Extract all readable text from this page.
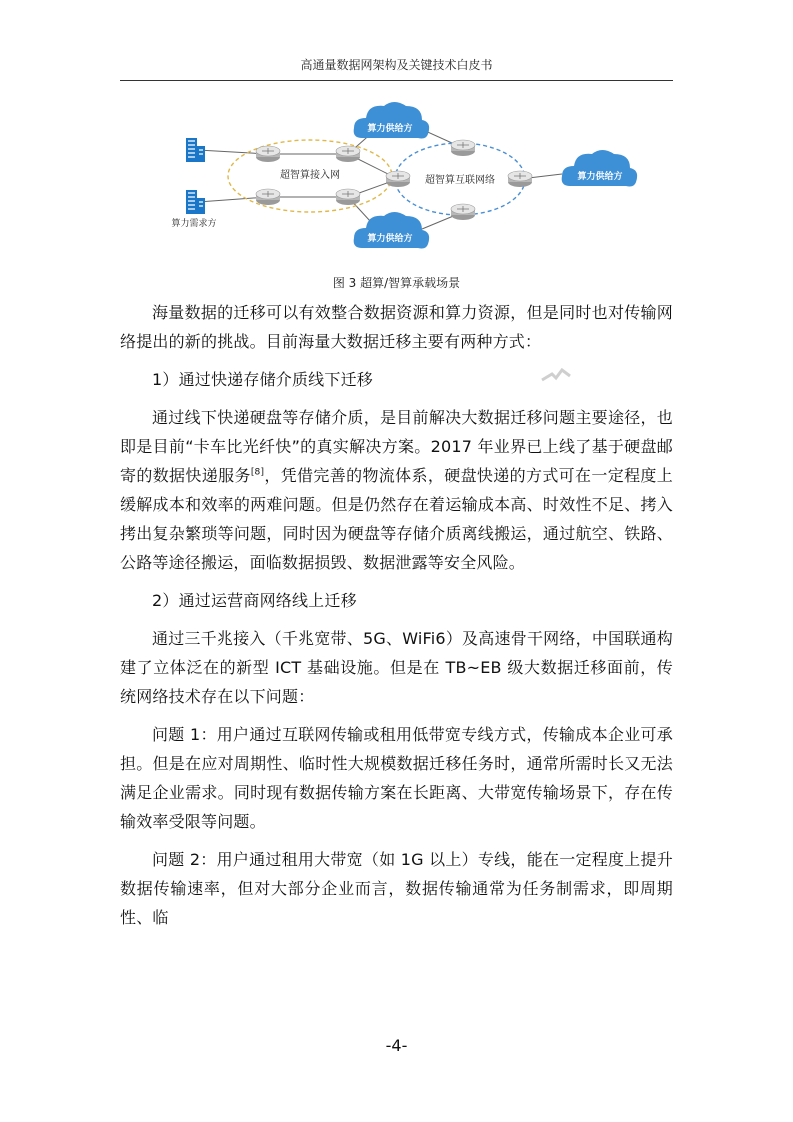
高通量数据网架构及关键技术白皮书
超智算接入网	超智算互联网络
算力供给方
算力供给方
算力供给方
算力需求方
图 3 超算/智算承载场景

海量数据的迁移可以有效整合数据资源和算力资源，但是同时也对传输网络提出的新的挑战。目前海量大数据迁移主要有两种方式：

1）通过快递存储介质线下迁移

通过线下快递硬盘等存储介质，是目前解决大数据迁移问题主要途径，也即是目前“卡车比光纤快”的真实解决方案。2017 年业界已上线了基于硬盘邮寄的数据快递服务[8]，凭借完善的物流体系，硬盘快递的方式可在一定程度上缓解成本和效率的两难问题。但是仍然存在着运输成本高、时效性不足、拷入拷出复杂繁琐等问题，同时因为硬盘等存储介质离线搬运，通过航空、铁路、公路等途径搬运，面临数据损毁、数据泄露等安全风险。

2）通过运营商网络线上迁移

通过三千兆接入（千兆宽带、5G、WiFi6）及高速骨干网络，中国联通构建了立体泛在的新型 ICT 基础设施。但是在 TB~EB 级大数据迁移面前，传统网络技术存在以下问题：

问题 1：用户通过互联网传输或租用低带宽专线方式，传输成本企业可承担。但是在应对周期性、临时性大规模数据迁移任务时，通常所需时长又无法满足企业需求。同时现有数据传输方案在长距离、大带宽传输场景下，存在传输效率受限等问题。

问题 2：用户通过租用大带宽（如 1G 以上）专线，能在一定程度上提升数据传输速率，但对大部分企业而言，数据传输通常为任务制需求，即周期性、临

-4-
